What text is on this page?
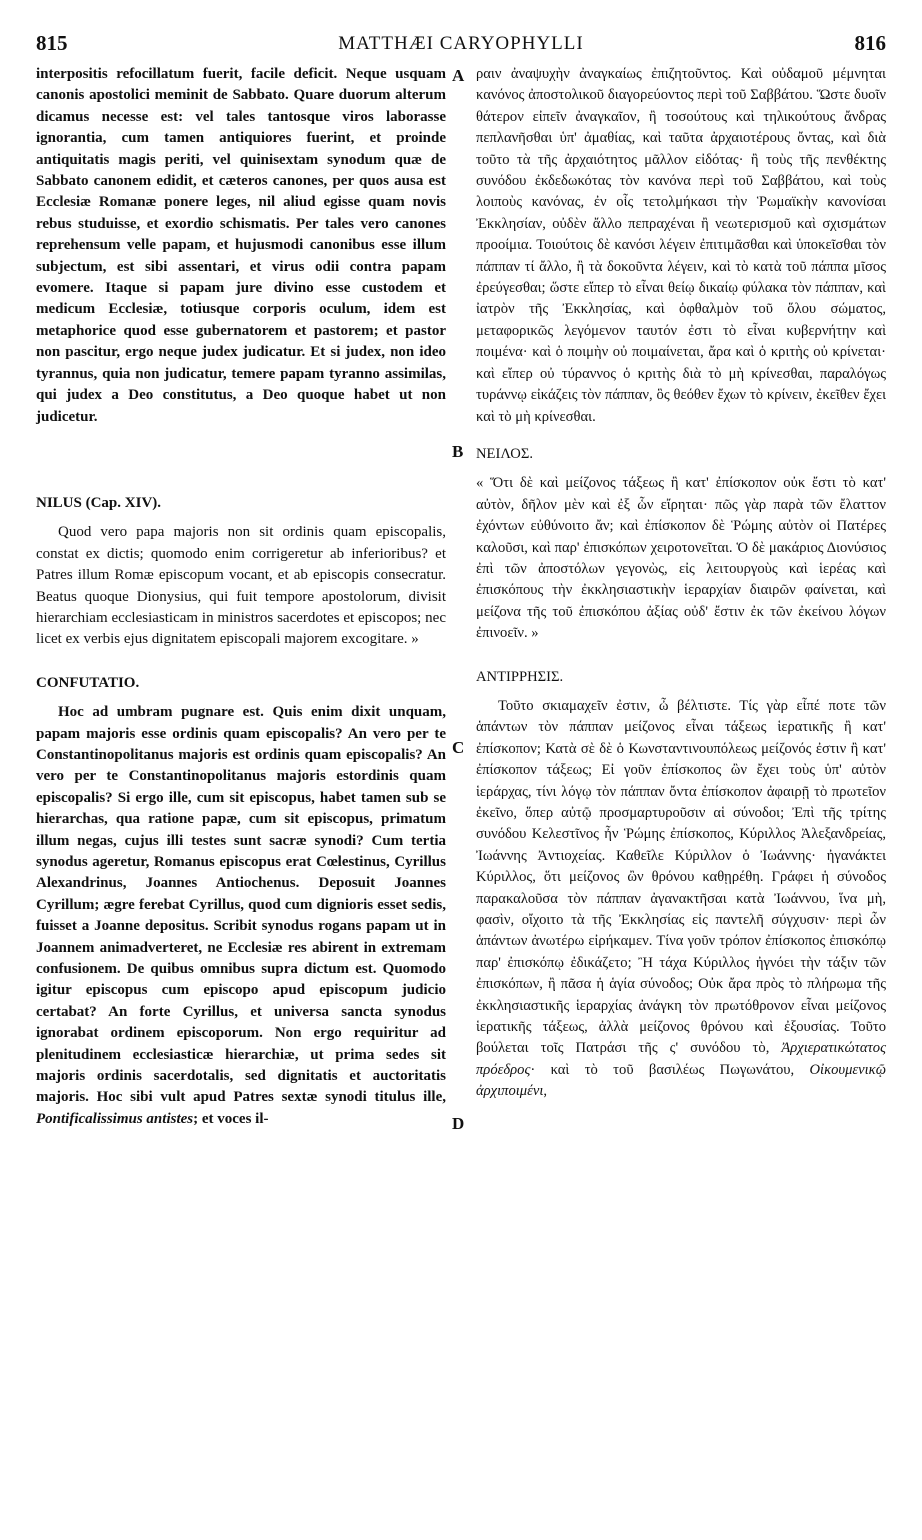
815	MATTHÆI CARYOPHYLLI	816
A
B
C
D

interpositis refocillatum fuerit, facile deficit. Neque usquam canonis apostolici meminit de Sabbato. Quare duorum alterum dicamus necesse est: vel tales tantosque viros laborasse ignorantia, cum tamen antiquiores fuerint, et proinde antiquitatis magis periti, vel quinisextam synodum quæ de Sabbato canonem edidit, et cæteros canones, per quos ausa est Ecclesiæ Romanæ ponere leges, nil aliud egisse quam novis rebus studuisse, et exordio schismatis. Per tales vero canones reprehensum velle papam, et hujusmodi canonibus esse illum subjectum, est sibi assentari, et virus odii contra papam evomere. Itaque si papam jure divino esse custodem et medicum Ecclesiæ, totiusque corporis oculum, idem est metaphorice quod esse gubernatorem et pastorem; et pastor non pascitur, ergo neque judex judicatur. Et si judex, non ideo tyrannus, quia non judicatur, temere papam tyranno assimilas, qui judex a Deo constitutus, a Deo quoque habet ut non judicetur.

NILUS (Cap. XIV).

Quod vero papa majoris non sit ordinis quam episcopalis, constat ex dictis; quomodo enim corrigeretur ab inferioribus? et Patres illum Romæ episcopum vocant, et ab episcopis consecratur. Beatus quoque Dionysius, qui fuit tempore apostolorum, divisit hierarchiam ecclesiasticam in ministros sacerdotes et episcopos; nec licet ex verbis ejus dignitatem episcopali majorem excogitare. »

CONFUTATIO.

Hoc ad umbram pugnare est. Quis enim dixit unquam, papam majoris esse ordinis quam episcopalis? An vero per te Constantinopolitanus majoris est ordinis quam episcopalis? An vero per te Constantinopolitanus majoris estordinis quam episcopalis? Si ergo ille, cum sit episcopus, habet tamen sub se hierarchas, qua ratione papæ, cum sit episcopus, primatum illum negas, cujus illi testes sunt sacræ synodi? Cum tertia synodus ageretur, Romanus episcopus erat Cœlestinus, Cyrillus Alexandrinus, Joannes Antiochenus. Deposuit Joannes Cyrillum; ægre ferebat Cyrillus, quod cum dignioris esset sedis, fuisset a Joanne depositus. Scribit synodus rogans papam ut in Joannem animadverteret, ne Ecclesiæ res abirent in extremam confusionem. De quibus omnibus supra dictum est. Quomodo igitur episcopus cum episcopo apud episcopum judicio certabat? An forte Cyrillus, et universa sancta synodus ignorabat ordinem episcoporum. Non ergo requiritur ad plenitudinem ecclesiasticæ hierarchiæ, ut prima sedes sit majoris ordinis sacerdotalis, sed dignitatis et auctoritatis majoris. Hoc sibi vult apud Patres sextæ synodi titulus ille, Pontificalissimus antistes; et voces il-

ραιν ἀναψυχὴν ἀναγκαίως ἐπιζητοῦντος. Καὶ οὐδαμοῦ μέμνηται κανόνος ἀποστολικοῦ διαγορεύοντος περὶ τοῦ Σαββάτου. Ὥστε δυοῖν θάτερον εἰπεῖν ἀναγκαῖον, ἢ τοσούτους καὶ τηλικούτους ἄνδρας πεπλανῆσθαι ὑπ' ἀμαθίας, καὶ ταῦτα ἀρχαιοτέρους ὄντας, καὶ διὰ τοῦτο τὰ τῆς ἀρχαιότητος μᾶλλον εἰδότας· ἢ τοὺς τῆς πενθέκτης συνόδου ἐκδεδωκότας τὸν κανόνα περὶ τοῦ Σαββάτου, καὶ τοὺς λοιποὺς κανόνας, ἐν οἷς τετολμήκασι τὴν Ῥωμαϊκὴν κανονίσαι Ἐκκλησίαν, οὐδὲν ἄλλο πεπραχέναι ἢ νεωτερισμοῦ καὶ σχισμάτων προοίμια. Τοιούτοις δὲ κανόσι λέγειν ἐπιτιμᾶσθαι καὶ ὑποκεῖσθαι τὸν πάππαν τί ἄλλο, ἢ τὰ δοκοῦντα λέγειν, καὶ τὸ κατὰ τοῦ πάππα μῖσος ἐρεύγεσθαι; ὥστε εἴπερ τὸ εἶναι θείῳ δικαίῳ φύλακα τὸν πάππαν, καὶ ἰατρὸν τῆς Ἐκκλησίας, καὶ ὀφθαλμὸν τοῦ ὅλου σώματος, μεταφορικῶς λεγόμενον ταυτόν ἐστι τὸ εἶναι κυβερνήτην καὶ ποιμένα· καὶ ὁ ποιμὴν οὐ ποιμαίνεται, ἄρα καὶ ὁ κριτὴς οὐ κρίνεται· καὶ εἴπερ οὐ τύραννος ὁ κριτὴς διὰ τὸ μὴ κρίνεσθαι, παραλόγως τυράννῳ εἰκάζεις τὸν πάππαν, ὃς θεόθεν ἔχων τὸ κρίνειν, ἐκεῖθεν ἔχει καὶ τὸ μὴ κρίνεσθαι.

ΝΕΙΛΟΣ.

« Ὅτι δὲ καὶ μείζονος τάξεως ἢ κατ' ἐπίσκοπον οὐκ ἔστι τὸ κατ' αὐτὸν, δῆλον μὲν καὶ ἐξ ὧν εἴρηται· πῶς γὰρ παρὰ τῶν ἔλαττον ἐχόντων εὐθύνοιτο ἄν; καὶ ἐπίσκοπον δὲ Ῥώμης αὐτὸν οἱ Πατέρες καλοῦσι, καὶ παρ' ἐπισκόπων χειροτονεῖται. Ὁ δὲ μακάριος Διονύσιος ἐπὶ τῶν ἀποστόλων γεγονὼς, εἰς λειτουργοὺς καὶ ἱερέας καὶ ἐπισκόπους τὴν ἐκκλησιαστικὴν ἱεραρχίαν διαιρῶν φαίνεται, καὶ μείζονα τῆς τοῦ ἐπισκόπου ἀξίας οὐδ' ἔστιν ἐκ τῶν ἐκείνου λόγων ἐπινοεῖν. »

ΑΝΤΙΡΡΗΣΙΣ.

Τοῦτο σκιαμαχεῖν ἐστιν, ὦ βέλτιστε. Τίς γὰρ εἶπέ ποτε τῶν ἁπάντων τὸν πάππαν μείζονος εἶναι τάξεως ἱερατικῆς ἢ κατ' ἐπίσκοπον; Κατὰ σὲ δὲ ὁ Κωνσταντινουπόλεως μείζονός ἐστιν ἢ κατ' ἐπίσκοπον τάξεως; Εἰ γοῦν ἐπίσκοπος ὢν ἔχει τοὺς ὑπ' αὐτὸν ἱεράρχας, τίνι λόγῳ τὸν πάππαν ὄντα ἐπίσκοπον ἀφαιρῇ τὸ πρωτεῖον ἐκεῖνο, ὅπερ αὐτῷ προσμαρτυροῦσιν αἱ σύνοδοι; Ἐπὶ τῆς τρίτης συνόδου Κελεστῖνος ἦν Ῥώμης ἐπίσκοπος, Κύριλλος Ἀλεξανδρείας, Ἰωάννης Ἀντιοχείας. Καθεῖλε Κύριλλον ὁ Ἰωάννης· ἠγανάκτει Κύριλλος, ὅτι μείζονος ὢν θρόνου καθῃρέθη. Γράφει ἡ σύνοδος παρακαλοῦσα τὸν πάππαν ἀγανακτῆσαι κατὰ Ἰωάννου, ἵνα μὴ, φασὶν, οἴχοιτο τὰ τῆς Ἐκκλησίας εἰς παντελῆ σύγχυσιν· περὶ ὧν ἁπάντων ἀνωτέρω εἰρήκαμεν. Τίνα γοῦν τρόπον ἐπίσκοπος ἐπισκόπῳ παρ' ἐπισκόπῳ ἐδικάζετο; Ἢ τάχα Κύριλλος ἠγνόει τὴν τάξιν τῶν ἐπισκόπων, ἢ πᾶσα ἡ ἁγία σύνοδος; Οὐκ ἄρα πρὸς τὸ πλήρωμα τῆς ἐκκλησιαστικῆς ἱεραρχίας ἀνάγκη τὸν πρωτόθρονον εἶναι μείζονος ἱερατικῆς τάξεως, ἀλλὰ μείζονος θρόνου καὶ ἐξουσίας. Τοῦτο βούλεται τοῖς Πατράσι τῆς ς' συνόδου τὸ, Ἀρχιερατικώτατος πρόεδρος· καὶ τὸ τοῦ βασιλέως Πωγωνάτου, Οἰκουμενικῷ ἀρχιποιμένι,
